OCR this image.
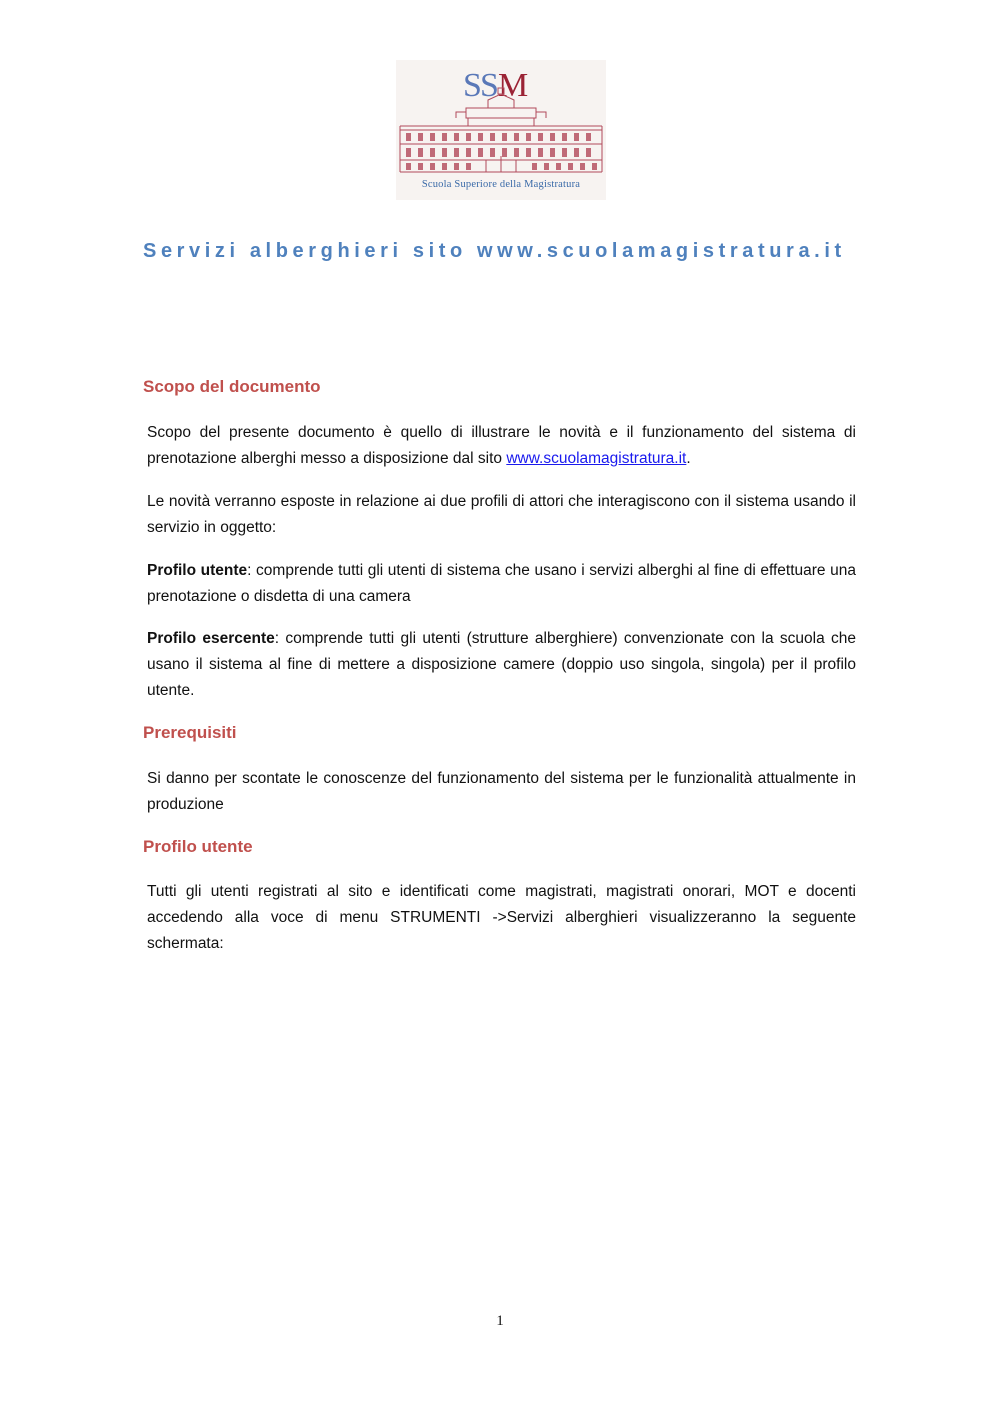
S
S M
Scuola Superiore della Magistratura
Servizi alberghieri sito www.scuolamagistratura.it
Scopo del documento

Scopo del presente documento è quello di illustrare le novità e il funzionamento del sistema di prenotazione alberghi messo a disposizione dal sito www.scuolamagistratura.it.

Le novità verranno esposte in relazione ai due profili di attori che interagiscono con il sistema usando il servizio in oggetto:

Profilo utente: comprende tutti gli utenti di sistema che usano i servizi alberghi al fine di effettuare una prenotazione o disdetta di una camera

Profilo esercente: comprende tutti gli utenti (strutture alberghiere) convenzionate con la scuola che usano il sistema al fine di mettere a disposizione camere (doppio uso singola, singola) per il profilo utente.

Prerequisiti

Si danno per scontate le conoscenze del funzionamento del sistema per le funzionalità attualmente in produzione

Profilo utente

Tutti gli utenti registrati al sito e identificati come magistrati, magistrati onorari, MOT e docenti accedendo alla voce di menu STRUMENTI ->Servizi alberghieri visualizzeranno la seguente schermata:

1
